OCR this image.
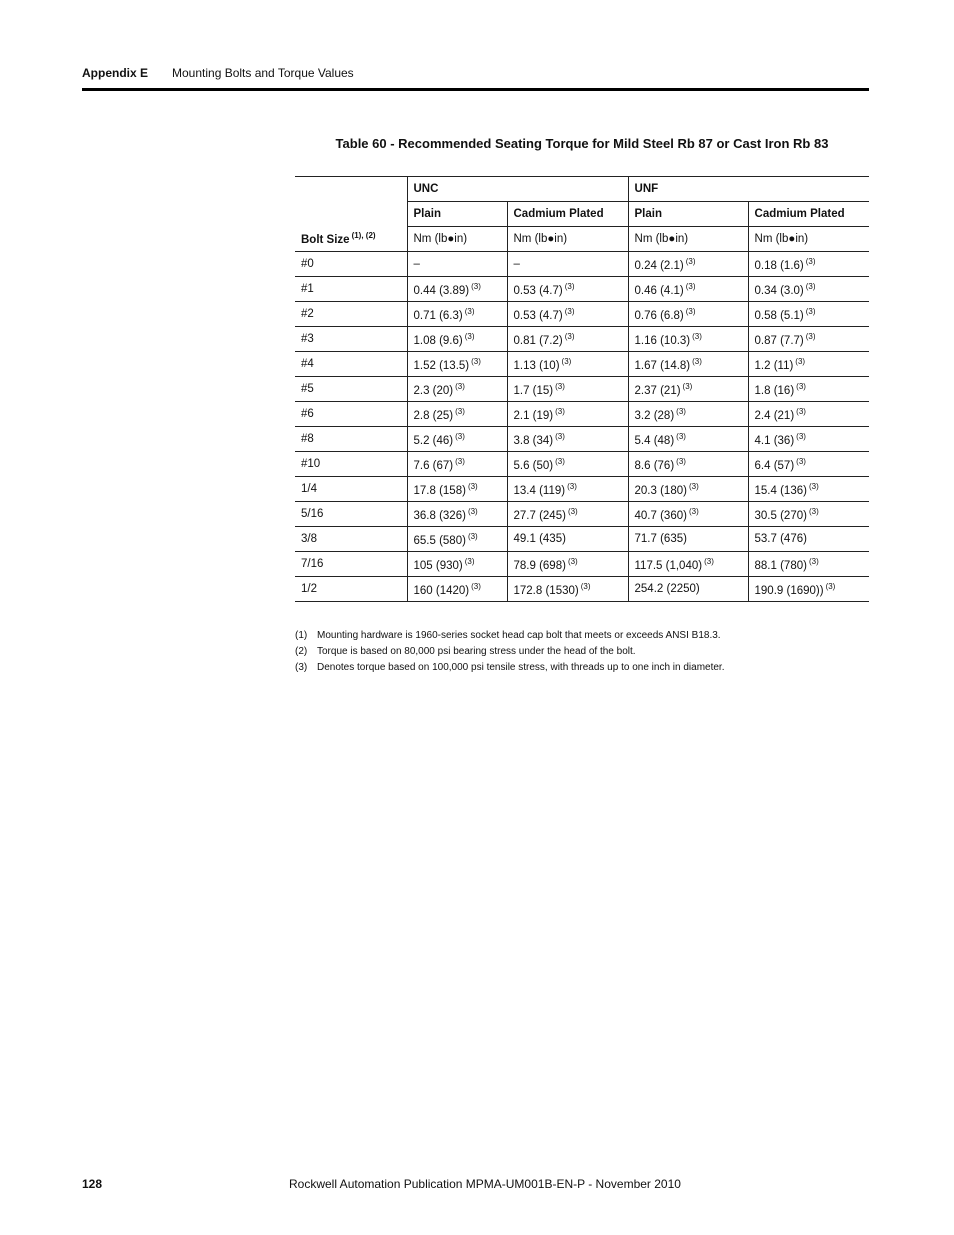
Appendix E Mounting Bolts and Torque Values
Table 60 - Recommended Seating Torque for Mild Steel Rb 87 or Cast Iron Rb 83
Bolt Size $^{(1), (2)}$	UNC		UNF	
	Plain	Cadmium Plated	Plain	Cadmium Plated
	Nm (lb●in)	Nm (lb●in)	Nm (lb●in)	Nm (lb●in)
#0	–	–	0.24 (2.1) $^{(3)}$	0.18 (1.6) $^{(3)}$
#1	0.44 (3.89) $^{(3)}$	0.53 (4.7) $^{(3)}$	0.46 (4.1) $^{(3)}$	0.34 (3.0) $^{(3)}$
#2	0.71 (6.3) $^{(3)}$	0.53 (4.7) $^{(3)}$	0.76 (6.8) $^{(3)}$	0.58 (5.1) $^{(3)}$
#3	1.08 (9.6) $^{(3)}$	0.81 (7.2) $^{(3)}$	1.16 (10.3) $^{(3)}$	0.87 (7.7) $^{(3)}$
#4	1.52 (13.5) $^{(3)}$	1.13 (10) $^{(3)}$	1.67 (14.8) $^{(3)}$	1.2 (11) $^{(3)}$
#5	2.3 (20) $^{(3)}$	1.7 (15) $^{(3)}$	2.37 (21) $^{(3)}$	1.8 (16) $^{(3)}$
#6	2.8 (25) $^{(3)}$	2.1 (19) $^{(3)}$	3.2 (28) $^{(3)}$	2.4 (21) $^{(3)}$
#8	5.2 (46) $^{(3)}$	3.8 (34) $^{(3)}$	5.4 (48) $^{(3)}$	4.1 (36) $^{(3)}$
#10	7.6 (67) $^{(3)}$	5.6 (50) $^{(3)}$	8.6 (76) $^{(3)}$	6.4 (57) $^{(3)}$
1/4	17.8 (158) $^{(3)}$	13.4 (119) $^{(3)}$	20.3 (180) $^{(3)}$	15.4 (136) $^{(3)}$
5/16	36.8 (326) $^{(3)}$	27.7 (245) $^{(3)}$	40.7 (360) $^{(3)}$	30.5 (270) $^{(3)}$
3/8	65.5 (580) $^{(3)}$	49.1 (435)	71.7 (635)	53.7 (476)
7/16	105 (930) $^{(3)}$	78.9 (698) $^{(3)}$	117.5 (1,040) $^{(3)}$	88.1 (780) $^{(3)}$
1/2	160 (1420) $^{(3)}$	172.8 (1530) $^{(3)}$	254.2 (2250)	190.9 (1690)) $^{(3)}$
(1) Mounting hardware is 1960-series socket head cap bolt that meets or exceeds ANSI B18.3.
(2) Torque is based on 80,000 psi bearing stress under the head of the bolt.
(3) Denotes torque based on 100,000 psi tensile stress, with threads up to one inch in diameter.
128	Rockwell Automation Publication MPMA-UM001B-EN-P - November 2010
